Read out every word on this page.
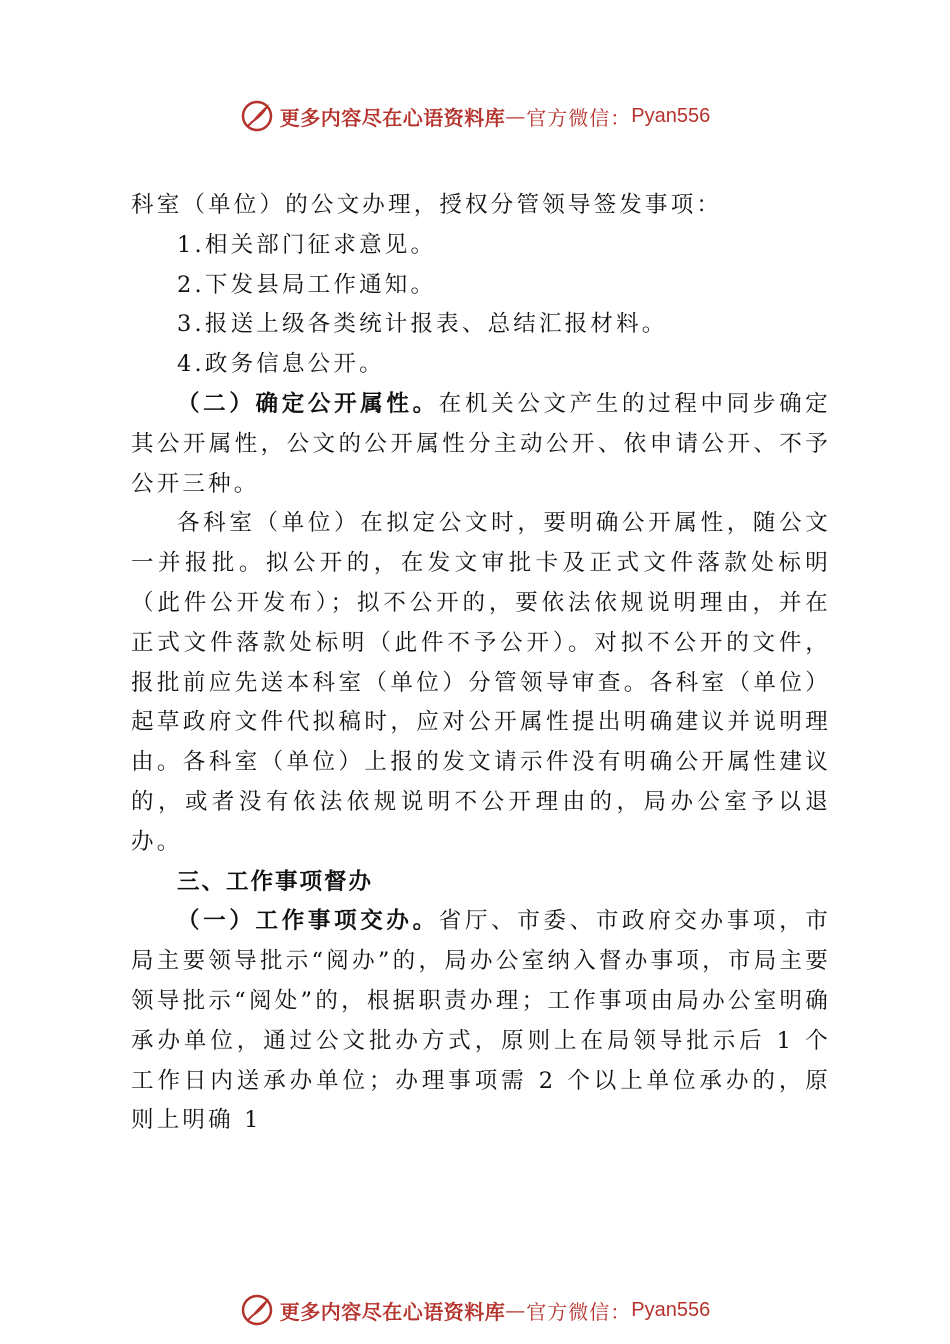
更多内容尽在心语资料库 — 官方微信： Pyan556

科室（单位）的公文办理，授权分管领导签发事项：

1.相关部门征求意见。

2.下发县局工作通知。

3.报送上级各类统计报表、总结汇报材料。

4.政务信息公开。

（二）确定公开属性。在机关公文产生的过程中同步确定其公开属性，公文的公开属性分主动公开、依申请公开、不予公开三种。

各科室（单位）在拟定公文时，要明确公开属性，随公文一并报批。拟公开的，在发文审批卡及正式文件落款处标明（此件公开发布）；拟不公开的，要依法依规说明理由，并在正式文件落款处标明（此件不予公开）。对拟不公开的文件，报批前应先送本科室（单位）分管领导审查。各科室（单位）起草政府文件代拟稿时，应对公开属性提出明确建议并说明理由。各科室（单位）上报的发文请示件没有明确公开属性建议的，或者没有依法依规说明不公开理由的，局办公室予以退办。

三、工作事项督办

（一）工作事项交办。省厅、市委、市政府交办事项，市局主要领导批示“阅办”的，局办公室纳入督办事项，市局主要领导批示“阅处”的，根据职责办理；工作事项由局办公室明确承办单位，通过公文批办方式，原则上在局领导批示后 1 个工作日内送承办单位；办理事项需 2 个以上单位承办的，原则上明确 1

更多内容尽在心语资料库 — 官方微信： Pyan556
